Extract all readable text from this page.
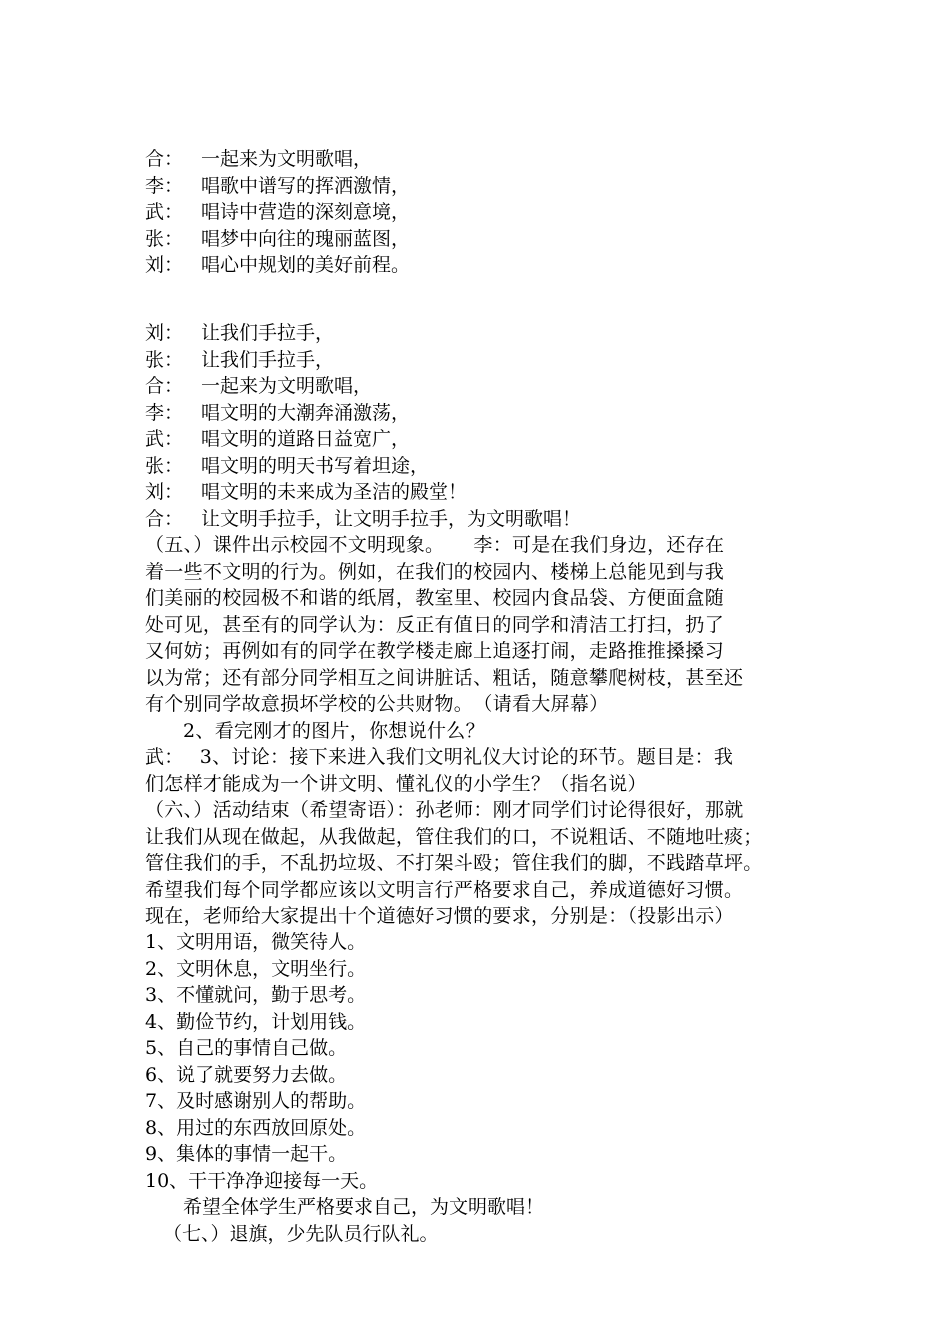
合： 一起来为文明歌唱，
李： 唱歌中谱写的挥洒激情，
武： 唱诗中营造的深刻意境，
张： 唱梦中向往的瑰丽蓝图，
刘： 唱心中规划的美好前程。
刘： 让我们手拉手，
张： 让我们手拉手，
合： 一起来为文明歌唱，
李： 唱文明的大潮奔涌激荡，
武： 唱文明的道路日益宽广，
张： 唱文明的明天书写着坦途，
刘： 唱文明的未来成为圣洁的殿堂！
合： 让文明手拉手，让文明手拉手，为文明歌唱！
（五、）课件出示校园不文明现象。　　李：可是在我们身边，还存在
着一些不文明的行为。例如，在我们的校园内、楼梯上总能见到与我
们美丽的校园极不和谐的纸屑，教室里、校园内食品袋、方便面盒随
处可见，甚至有的同学认为：反正有值日的同学和清洁工打扫，扔了
又何妨；再例如有的同学在教学楼走廊上追逐打闹，走路推推搡搡习
以为常；还有部分同学相互之间讲脏话、粗话，随意攀爬树枝，甚至还
有个别同学故意损坏学校的公共财物。　（请看大屏幕）
2、看完刚才的图片，你想说什么？
武：　 3、讨论：接下来进入我们文明礼仪大讨论的环节。题目是：我
们怎样才能成为一个讲文明、懂礼仪的小学生？（指名说）
（六、）活动结束（希望寄语）：孙老师：刚才同学们讨论得很好，那就
让我们从现在做起，从我做起，管住我们的口，不说粗话、不随地吐痰；
管住我们的手，不乱扔垃圾、不打架斗殴；管住我们的脚，不践踏草坪。
希望我们每个同学都应该以文明言行严格要求自己，养成道德好习惯。
现在，老师给大家提出十个道德好习惯的要求，分别是：（投影出示）
1、文明用语，微笑待人。
2、文明休息，文明坐行。
3、不懂就问，勤于思考。
4、勤俭节约，计划用钱。
5、自己的事情自己做。
6、说了就要努力去做。
7、及时感谢别人的帮助。
8、用过的东西放回原处。
9、集体的事情一起干。
10、干干净净迎接每一天。
希望全体学生严格要求自己，为文明歌唱！
（七、）退旗，少先队员行队礼。
